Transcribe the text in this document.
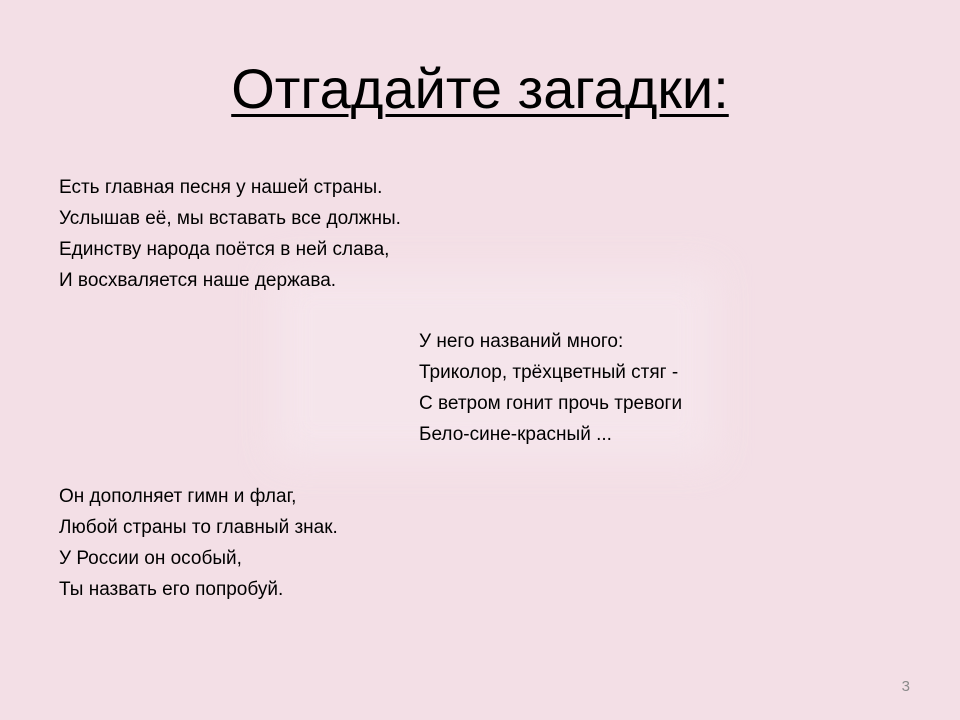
Отгадайте загадки:

Есть главная песня у нашей страны.

Услышав её, мы вставать все должны.

Единству народа поётся в ней слава,

И восхваляется наше держава.

У него названий много:

Триколор, трёхцветный стяг -

С ветром гонит прочь тревоги

Бело-сине-красный ...

Он дополняет гимн и флаг,

Любой страны то главный знак.

У России он особый,

Ты назвать его попробуй.

3
